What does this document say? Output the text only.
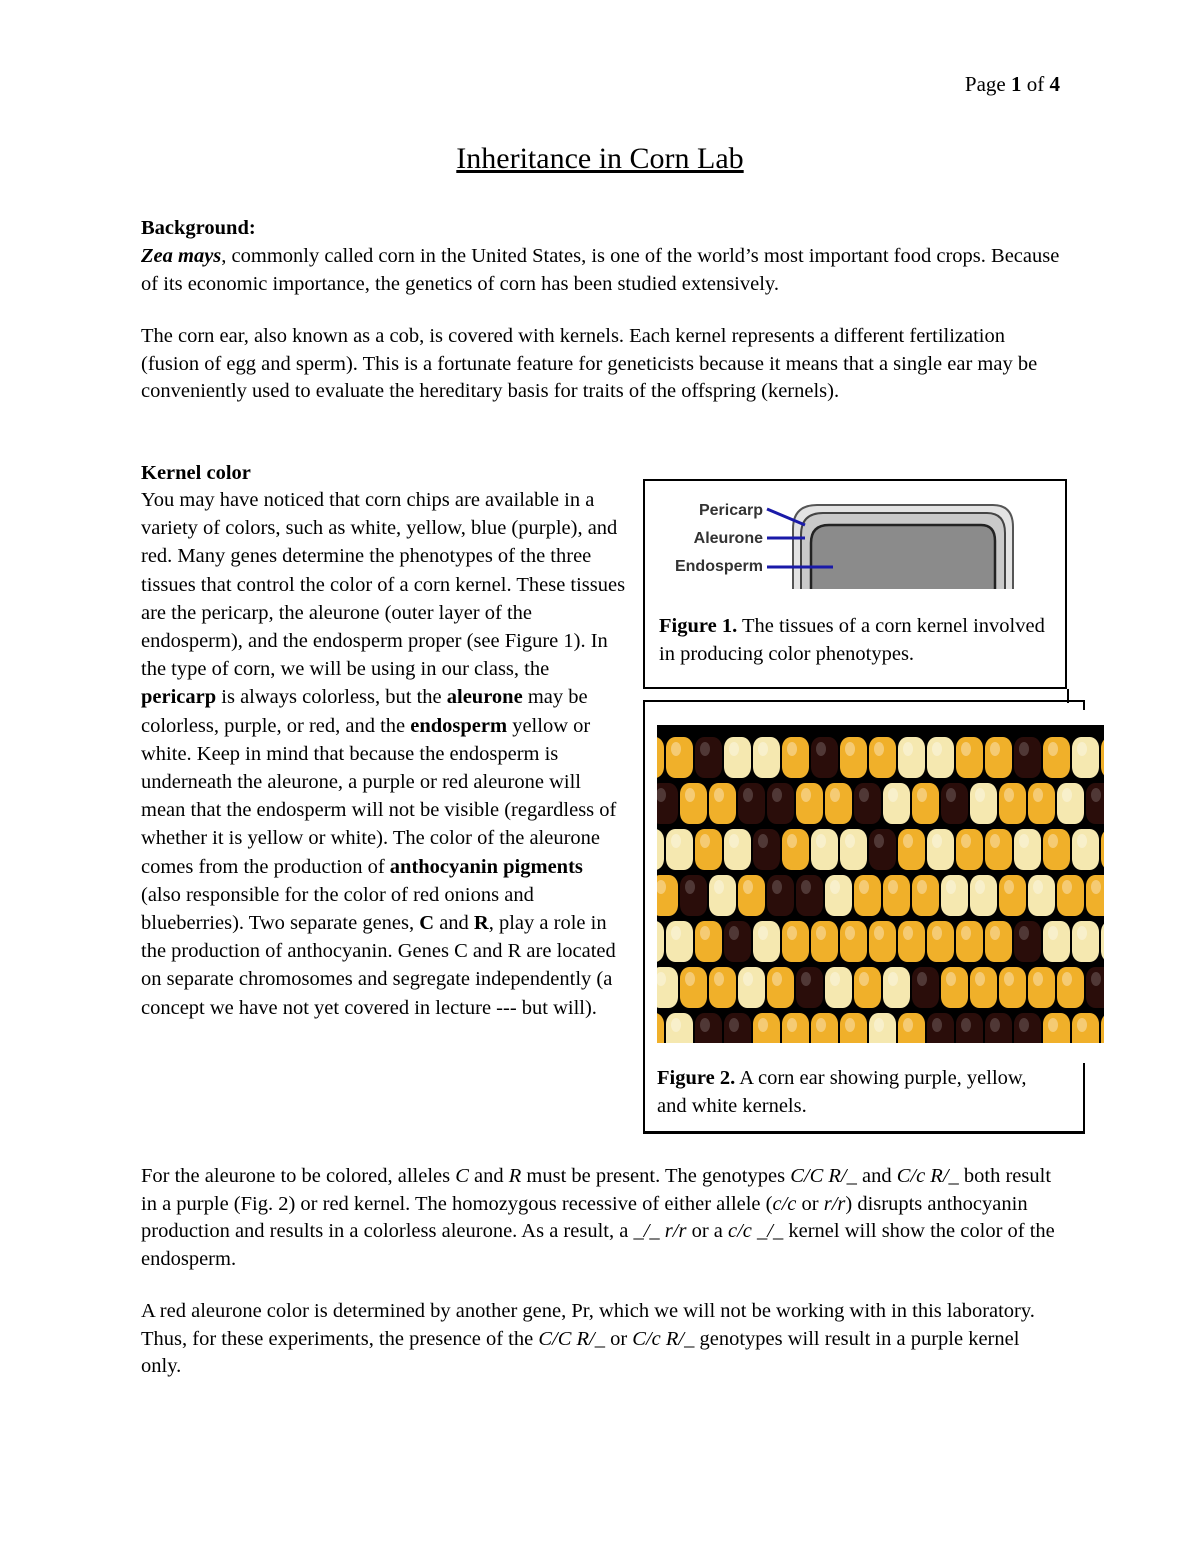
Page 1 of 4
Inheritance in Corn Lab
Background:
Zea mays, commonly called corn in the United States, is one of the world’s most important food crops. Because of its economic importance, the genetics of corn has been studied extensively.
The corn ear, also known as a cob, is covered with kernels. Each kernel represents a different fertilization (fusion of egg and sperm). This is a fortunate feature for geneticists because it means that a single ear may be conveniently used to evaluate the hereditary basis for traits of the offspring (kernels).
Kernel color
You may have noticed that corn chips are available in a variety of colors, such as white, yellow, blue (purple), and red. Many genes determine the phenotypes of the three tissues that control the color of a corn kernel. These tissues are the pericarp, the aleurone (outer layer of the endosperm), and the endosperm proper (see Figure 1). In the type of corn, we will be using in our class, the pericarp is always colorless, but the aleurone may be colorless, purple, or red, and the endosperm yellow or white. Keep in mind that because the endosperm is underneath the aleurone, a purple or red aleurone will mean that the endosperm will not be visible (regardless of whether it is yellow or white). The color of the aleurone comes from the production of anthocyanin pigments (also responsible for the color of red onions and blueberries). Two separate genes, C and R, play a role in the production of anthocyanin. Genes C and R are located on separate chromosomes and segregate independently (a concept we have not yet covered in lecture --- but will).
Pericarp
Aleurone
Endosperm
Figure 1. The tissues of a corn kernel involved in producing color phenotypes.
Figure 2. A corn ear showing purple, yellow, and white kernels.
For the aleurone to be colored, alleles C and R must be present. The genotypes C/C R/_ and C/c R/_ both result in a purple (Fig. 2) or red kernel. The homozygous recessive of either allele (c/c or r/r) disrupts anthocyanin production and results in a colorless aleurone. As a result, a _/_ r/r or a c/c _/_ kernel will show the color of the endosperm.
A red aleurone color is determined by another gene, Pr, which we will not be working with in this laboratory. Thus, for these experiments, the presence of the C/C R/_ or C/c R/_ genotypes will result in a purple kernel only.
